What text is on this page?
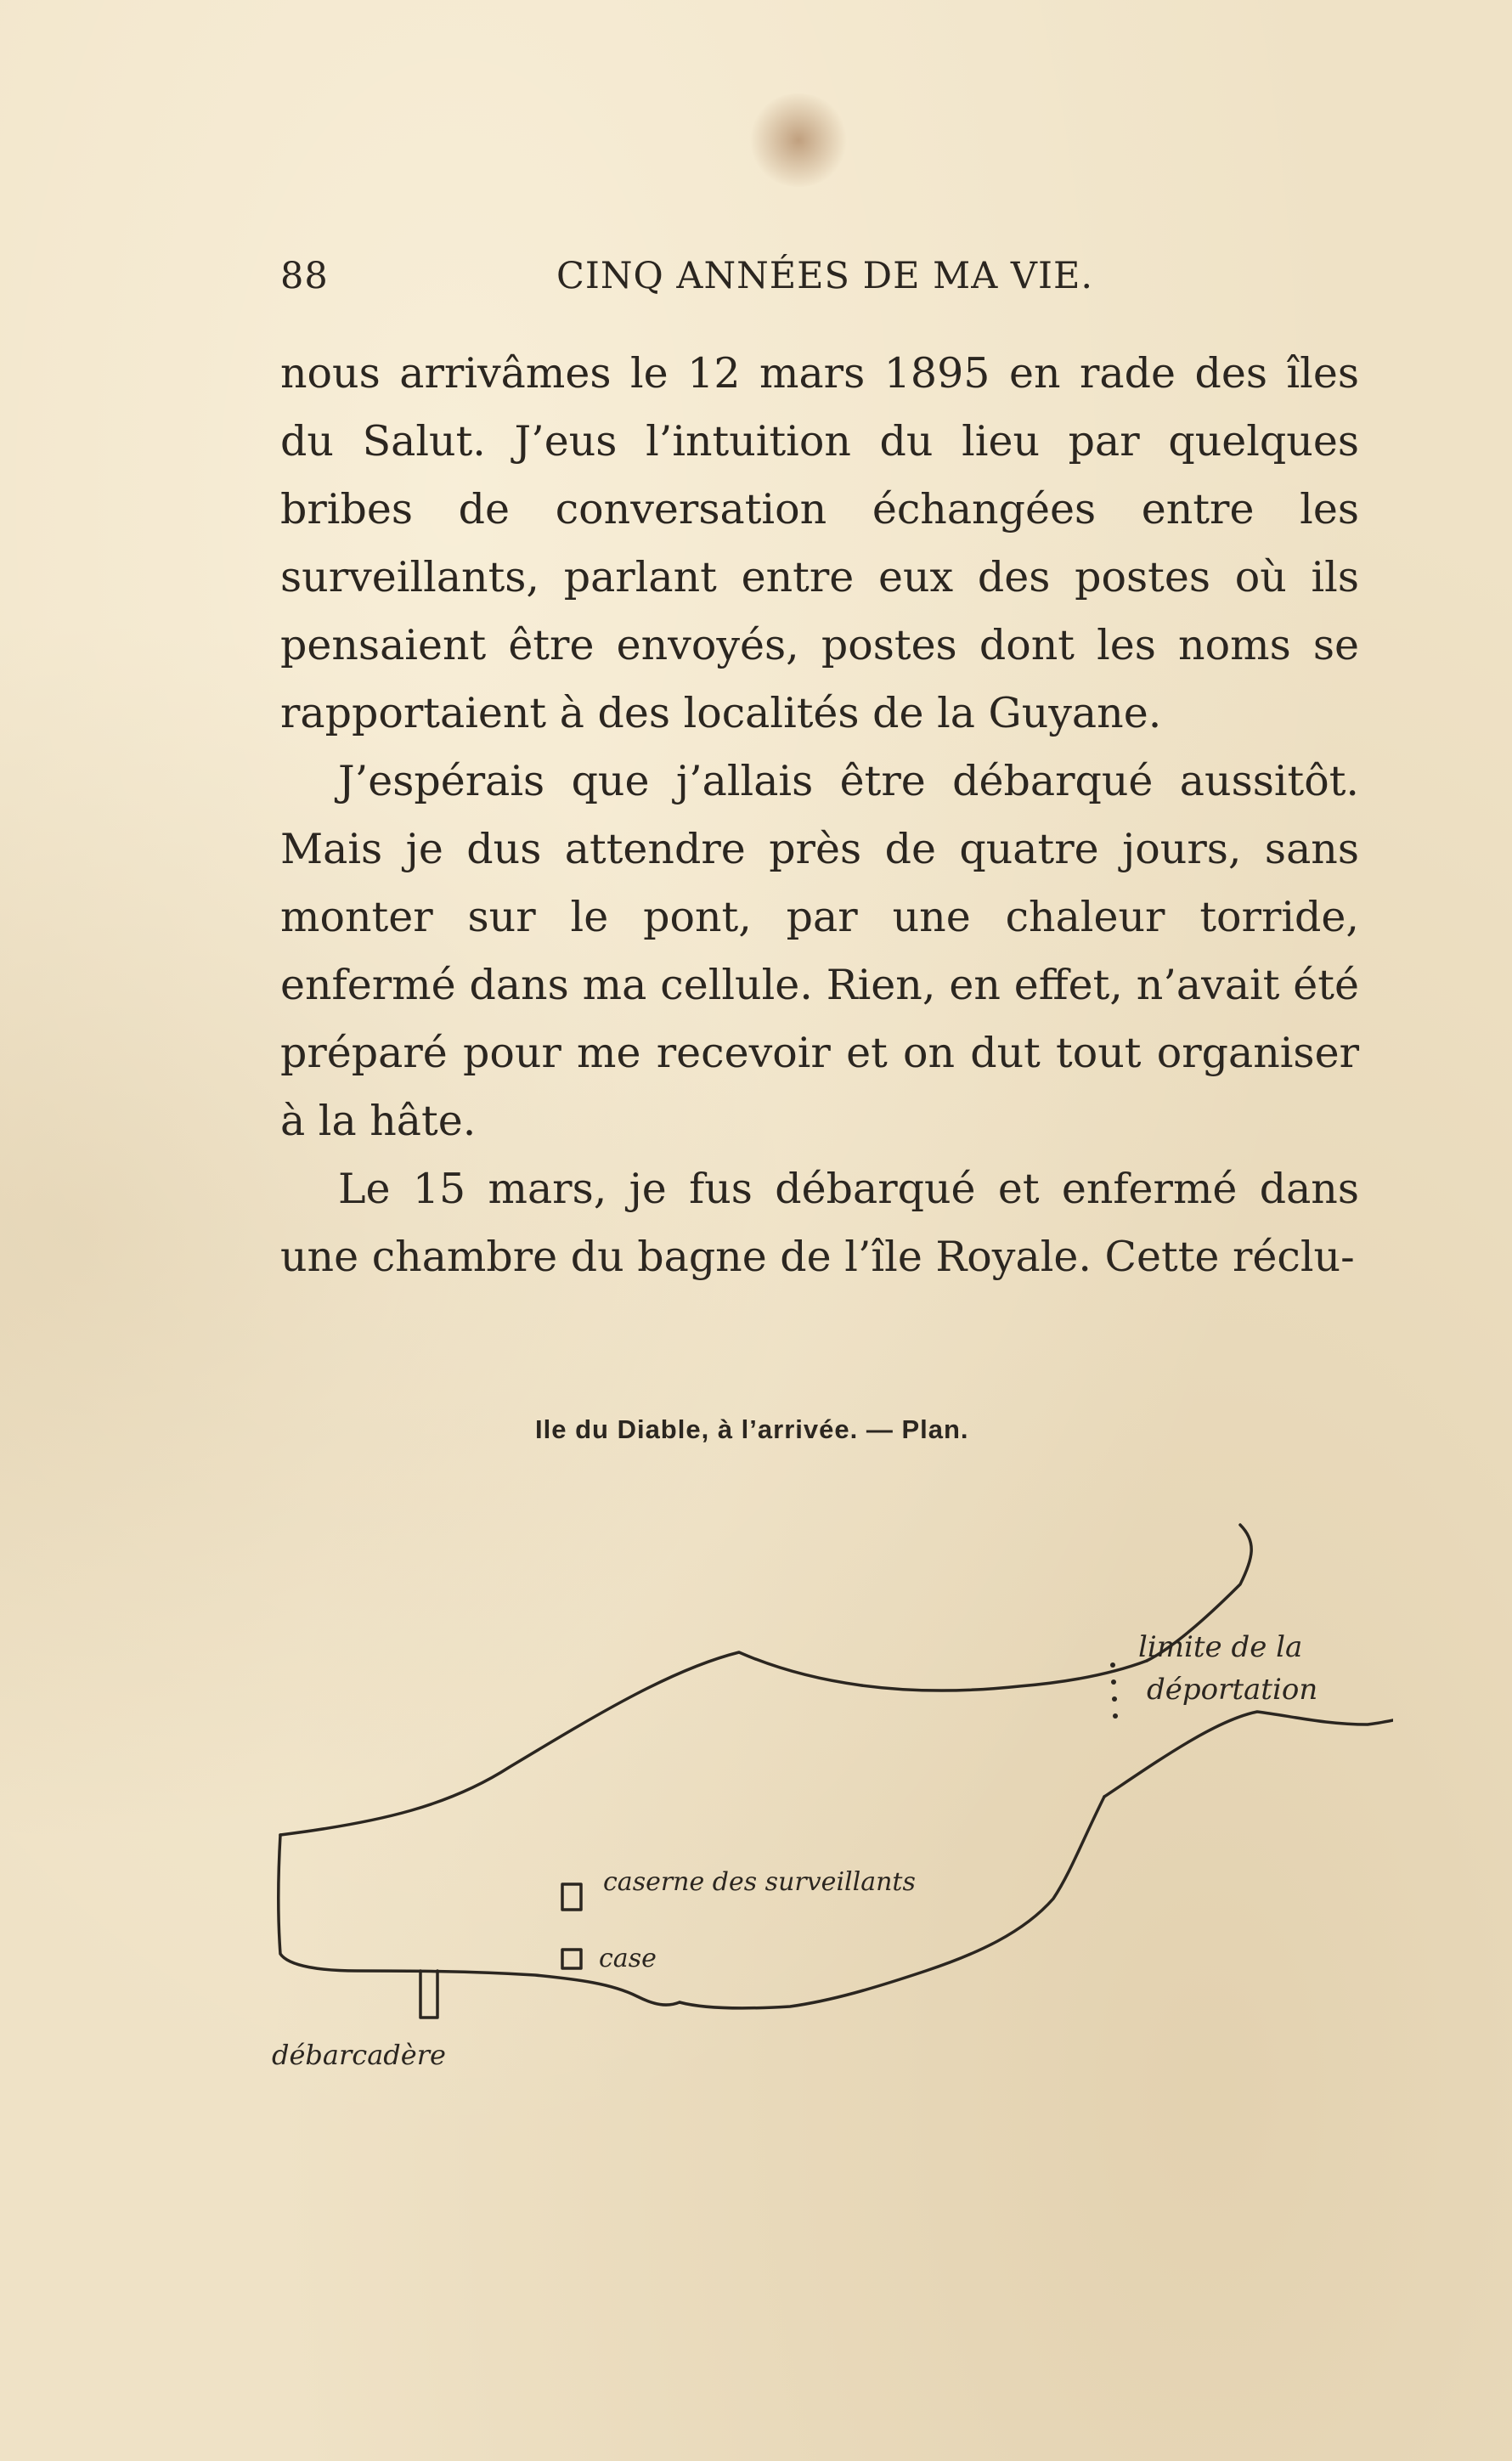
88	CINQ ANNÉES DE MA VIE.

nous arrivâmes le 12 mars 1895 en rade des îles du Salut. J’eus l’intuition du lieu par quelques bribes de conversation échangées entre les surveillants, parlant entre eux des postes où ils pensaient être envoyés, postes dont les noms se rapportaient à des localités de la Guyane.

J’espérais que j’allais être débarqué aussitôt. Mais je dus attendre près de quatre jours, sans monter sur le pont, par une chaleur torride, enfermé dans ma cellule. Rien, en effet, n’avait été préparé pour me recevoir et on dut tout organiser à la hâte.

Le 15 mars, je fus débarqué et enfermé dans une chambre du bagne de l’île Royale. Cette réclu-

Ile du Diable, à l’arrivée. — Plan.
limite de la
déportation
caserne des surveillants
case
débarcadère
